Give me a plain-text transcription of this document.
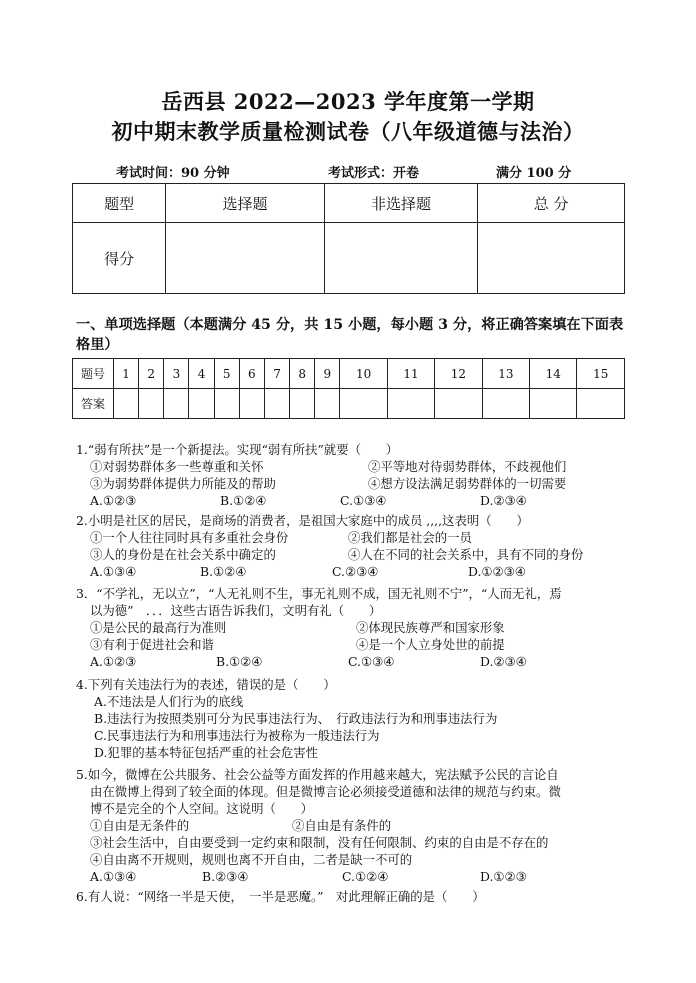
岳西县 2022—2023 学年度第一学期
初中期末教学质量检测试卷（八年级道德与法治）
考试时间：90 分钟	考试形式：开卷	满分 100 分
题型	选择题	非选择题	总 分
得分			
一、单项选择题（本题满分 45 分，共 15 小题，每小题 3 分，将正确答案填在下面表格里）
题号	1	2	3	4	5	6	7	8	9	10	11	12	13	14	15
答案															
1.“弱有所扶”是一个新提法。实现“弱有所扶”就要（　　）
①对弱势群体多一些尊重和关怀	②平等地对待弱势群体，不歧视他们
③为弱势群体提供力所能及的帮助	④想方设法满足弱势群体的一切需要
A.①②③	B.①②④	C.①③④	D.②③④
2.小明是社区的居民，是商场的消费者，是祖国大家庭中的成员 ,,,,这表明（　　）
①一个人往往同时具有多重社会身份	②我们都是社会的一员
③人的身份是在社会关系中确定的	④人在不同的社会关系中，具有不同的身份
A.①③④	B.①②④	C.②③④	D.①②③④
3．“不学礼，无以立”，“人无礼则不生，事无礼则不成，国无礼则不宁”，“人而无礼，焉
以为德”　．．．这些古语告诉我们，文明有礼（　　）
①是公民的最高行为准则	②体现民族尊严和国家形象
③有利于促进社会和谐	④是一个人立身处世的前提
A.①②③	B.①②④	C.①③④	D.②③④
4.下列有关违法行为的表述，错误的是（　　）
A.不违法是人们行为的底线
B.违法行为按照类别可分为民事违法行为、　行政违法行为和刑事违法行为
C.民事违法行为和刑事违法行为被称为一般违法行为
D.犯罪的基本特征包括严重的社会危害性
5.如今，微博在公共服务、社会公益等方面发挥的作用越来越大，宪法赋予公民的言论自
由在微博上得到了较全面的体现。但是微博言论必须接受道德和法律的规范与约束。微
博不是完全的个人空间。这说明（　　）
①自由是无条件的	②自由是有条件的
③社会生活中，自由要受到一定约束和限制，没有任何限制、约束的自由是不存在的
④自由离不开规则，规则也离不开自由，二者是缺一不可的
A.①③④	B.②③④	C.①②④	D.①②③
6.有人说：“网络一半是天使，　一半是恶魔。”　对此理解正确的是（　　）
